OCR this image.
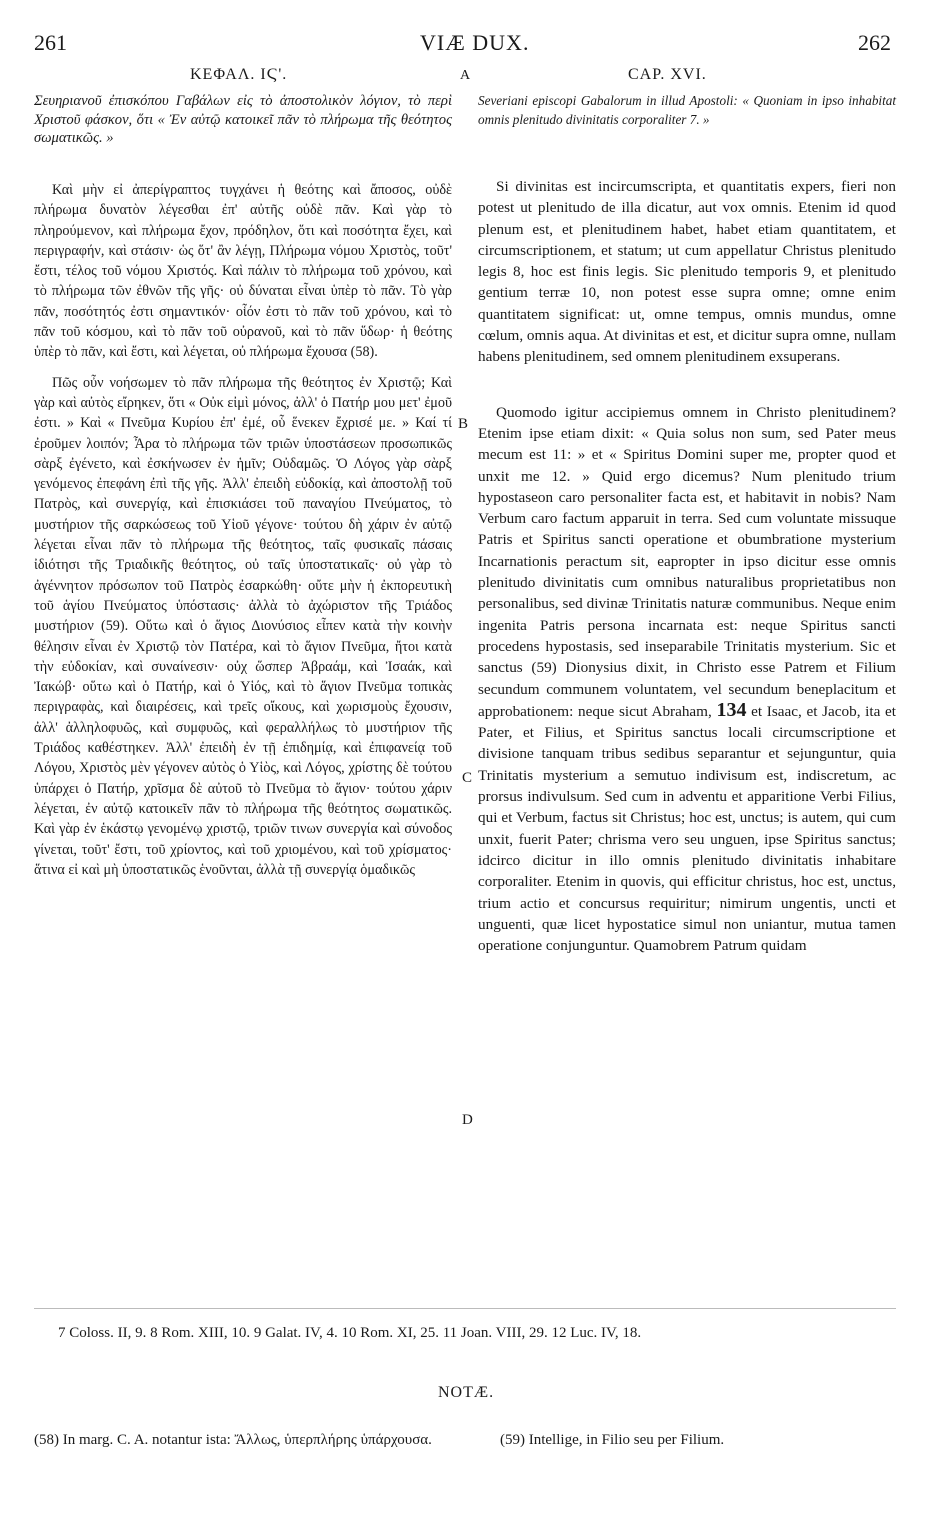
261	VIÆ DUX.	262
ΚΕΦΑΛ. ΙϚ'.	A	CAP. XVI.
Σευηριανοῦ ἐπισκόπου Γαβάλων εἰς τὸ ἀποστολικὸν λόγιον, τὸ περὶ Χριστοῦ φάσκον, ὅτι « Ἐν αὐτῷ κατοικεῖ πᾶν τὸ πλήρωμα τῆς θεότητος σωματικῶς. »
Severiani episcopi Gabalorum in illud Apostoli: « Quoniam in ipso inhabitat omnis plenitudo divinitatis corporaliter 7. »

Καὶ μὴν εἰ ἀπερίγραπτος τυγχάνει ἡ θεότης καὶ ἄποσος, οὐδὲ πλήρωμα δυνατὸν λέγεσθαι ἐπ' αὐτῆς οὐδὲ πᾶν. Καὶ γὰρ τὸ πληρούμενον, καὶ πλήρωμα ἔχον, πρόδηλον, ὅτι καὶ ποσότητα ἔχει, καὶ περιγραφήν, καὶ στάσιν· ὡς ὅτ' ἂν λέγῃ, Πλήρωμα νόμου Χριστὸς, τοῦτ' ἔστι, τέλος τοῦ νόμου Χριστός. Καὶ πάλιν τὸ πλήρωμα τοῦ χρόνου, καὶ τὸ πλήρωμα τῶν ἐθνῶν τῆς γῆς· οὐ δύναται εἶναι ὑπὲρ τὸ πᾶν. Τὸ γὰρ πᾶν, ποσότητός ἐστι σημαντικόν· οἷόν ἐστι τὸ πᾶν τοῦ χρόνου, καὶ τὸ πᾶν τοῦ κόσμου, καὶ τὸ πᾶν τοῦ οὐρανοῦ, καὶ τὸ πᾶν ὕδωρ· ἡ θεότης ὑπὲρ τὸ πᾶν, καὶ ἔστι, καὶ λέγεται, οὐ πλήρωμα ἔχουσα (58).

Πῶς οὖν νοήσωμεν τὸ πᾶν πλήρωμα τῆς θεότητος ἐν Χριστῷ; Καὶ γὰρ καὶ αὐτὸς εἴρηκεν, ὅτι « Οὐκ εἰμὶ μόνος, ἀλλ' ὁ Πατήρ μου μετ' ἐμοῦ ἐστι. » Καὶ « Πνεῦμα Κυρίου ἐπ' ἐμέ, οὗ ἕνεκεν ἔχρισέ με. » Καί τί ἐροῦμεν λοιπόν; Ἆρα τὸ πλήρωμα τῶν τριῶν ὑποστάσεων προσωπικῶς σὰρξ ἐγένετο, καὶ ἐσκήνωσεν ἐν ἡμῖν; Οὐδαμῶς. Ὁ Λόγος γὰρ σὰρξ γενόμενος ἐπεφάνη ἐπὶ τῆς γῆς. Ἀλλ' ἐπειδὴ εὐδοκίᾳ, καὶ ἀποστολῇ τοῦ Πατρὸς, καὶ συνεργίᾳ, καὶ ἐπισκιάσει τοῦ παναγίου Πνεύματος, τὸ μυστήριον τῆς σαρκώσεως τοῦ Υἱοῦ γέγονε· τούτου δὴ χάριν ἐν αὐτῷ λέγεται εἶναι πᾶν τὸ πλήρωμα τῆς θεότητος, ταῖς φυσικαῖς πάσαις ἰδιότησι τῆς Τριαδικῆς θεότητος, οὐ ταῖς ὑποστατικαῖς· οὐ γὰρ τὸ ἀγέννητον πρόσωπον τοῦ Πατρὸς ἐσαρκώθη· οὔτε μὴν ἡ ἐκπορευτικὴ τοῦ ἁγίου Πνεύματος ὑπόστασις· ἀλλὰ τὸ ἀχώριστον τῆς Τριάδος μυστήριον (59). Οὕτω καὶ ὁ ἅγιος Διονύσιος εἶπεν κατὰ τὴν κοινὴν θέλησιν εἶναι ἐν Χριστῷ τὸν Πατέρα, καὶ τὸ ἅγιον Πνεῦμα, ἤτοι κατὰ τὴν εὐδοκίαν, καὶ συναίνεσιν· οὐχ ὥσπερ Ἀβραάμ, καὶ Ἰσαάκ, καὶ Ἰακώβ· οὕτω καὶ ὁ Πατήρ, καὶ ὁ Υἱός, καὶ τὸ ἅγιον Πνεῦμα τοπικὰς περιγραφὰς, καὶ διαιρέσεις, καὶ τρεῖς οἴκους, καὶ χωρισμοὺς ἔχουσιν, ἀλλ' ἀλληλοφυῶς, καὶ συμφυῶς, καὶ φεραλλήλως τὸ μυστήριον τῆς Τριάδος καθέστηκεν. Ἀλλ' ἐπειδὴ ἐν τῇ ἐπιδημίᾳ, καὶ ἐπιφανείᾳ τοῦ Λόγου, Χριστὸς μὲν γέγονεν αὐτὸς ὁ Υἱὸς, καὶ Λόγος, χρίστης δὲ τούτου ὑπάρχει ὁ Πατήρ, χρῖσμα δὲ αὐτοῦ τὸ Πνεῦμα τὸ ἅγιον· τούτου χάριν λέγεται, ἐν αὐτῷ κατοικεῖν πᾶν τὸ πλήρωμα τῆς θεότητος σωματικῶς. Καὶ γὰρ ἐν ἑκάστῳ γενομένῳ χριστῷ, τριῶν τινων συνεργία καὶ σύνοδος γίνεται, τοῦτ' ἔστι, τοῦ χρίοντος, καὶ τοῦ χριομένου, καὶ τοῦ χρίσματος· ἅτινα εἰ καὶ μὴ ὑποστατικῶς ἑνοῦνται, ἀλλὰ τῇ συνεργίᾳ ὁμαδικῶς

Si divinitas est incircumscripta, et quantitatis expers, fieri non potest ut plenitudo de illa dicatur, aut vox omnis. Etenim id quod plenum est, et plenitudinem habet, habet etiam quantitatem, et circumscriptionem, et statum; ut cum appellatur Christus plenitudo legis 8, hoc est finis legis. Sic plenitudo temporis 9, et plenitudo gentium terræ 10, non potest esse supra omne; omne enim quantitatem significat: ut, omne tempus, omnis mundus, omne cœlum, omnis aqua. At divinitas et est, et dicitur supra omne, nullam habens plenitudinem, sed omnem plenitudinem exsuperans.

Quomodo igitur accipiemus omnem in Christo plenitudinem? Etenim ipse etiam dixit: « Quia solus non sum, sed Pater meus mecum est 11: » et « Spiritus Domini super me, propter quod et unxit me 12. » Quid ergo dicemus? Num plenitudo trium hypostaseon caro personaliter facta est, et habitavit in nobis? Nam Verbum caro factum apparuit in terra. Sed cum voluntate missuque Patris et Spiritus sancti operatione et obumbratione mysterium Incarnationis peractum sit, eapropter in ipso dicitur esse omnis plenitudo divinitatis cum omnibus naturalibus proprietatibus non personalibus, sed divinæ Trinitatis naturæ communibus. Neque enim ingenita Patris persona incarnata est: neque Spiritus sancti procedens hypostasis, sed inseparabile Trinitatis mysterium. Sic et sanctus (59) Dionysius dixit, in Christo esse Patrem et Filium secundum communem voluntatem, vel secundum beneplacitum et approbationem: neque sicut Abraham, 134 et Isaac, et Jacob, ita et Pater, et Filius, et Spiritus sanctus locali circumscriptione et divisione tanquam tribus sedibus separantur et sejunguntur, quia Trinitatis mysterium a semutuo indivisum est, indiscretum, ac prorsus indivulsum. Sed cum in adventu et apparitione Verbi Filius, qui et Verbum, factus sit Christus; hoc est, unctus; is autem, qui cum unxit, fuerit Pater; chrisma vero seu unguen, ipse Spiritus sanctus; idcirco dicitur in illo omnis plenitudo divinitatis inhabitare corporaliter. Etenim in quovis, qui efficitur christus, hoc est, unctus, trium actio et concursus requiritur; nimirum ungentis, uncti et unguenti, quæ licet hypostatice simul non uniantur, mutua tamen operatione conjunguntur. Quamobrem Patrum quidam

B
C
D
7 Coloss. II, 9. 8 Rom. XIII, 10. 9 Galat. IV, 4. 10 Rom. XI, 25. 11 Joan. VIII, 29. 12 Luc. IV, 18.
NOTÆ.
(58) In marg. C. A. notantur ista: Ἄλλως, ὑπερπλήρης ὑπάρχουσα.	(59) Intellige, in Filio seu per Filium.
